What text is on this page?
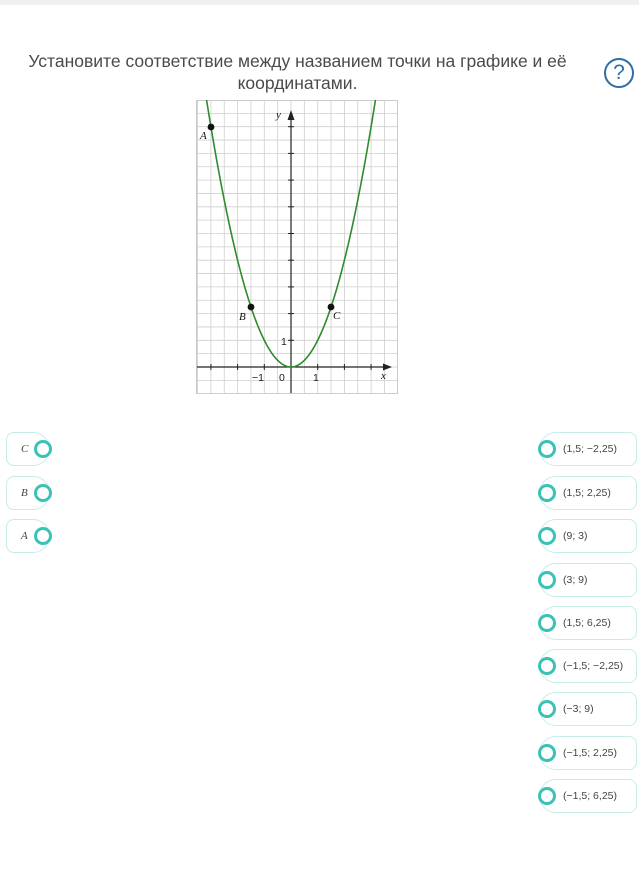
Установите соответствие между названием точки на графике и её
координатами.	?
A
B	C
x
y
−1 0	1
1
C
B
A
(1,5; −2,25)
(1,5; 2,25)
(9; 3)
(3; 9)
(1,5; 6,25)
(−1,5; −2,25)
(−3; 9)
(−1,5; 2,25)
(−1,5; 6,25)
